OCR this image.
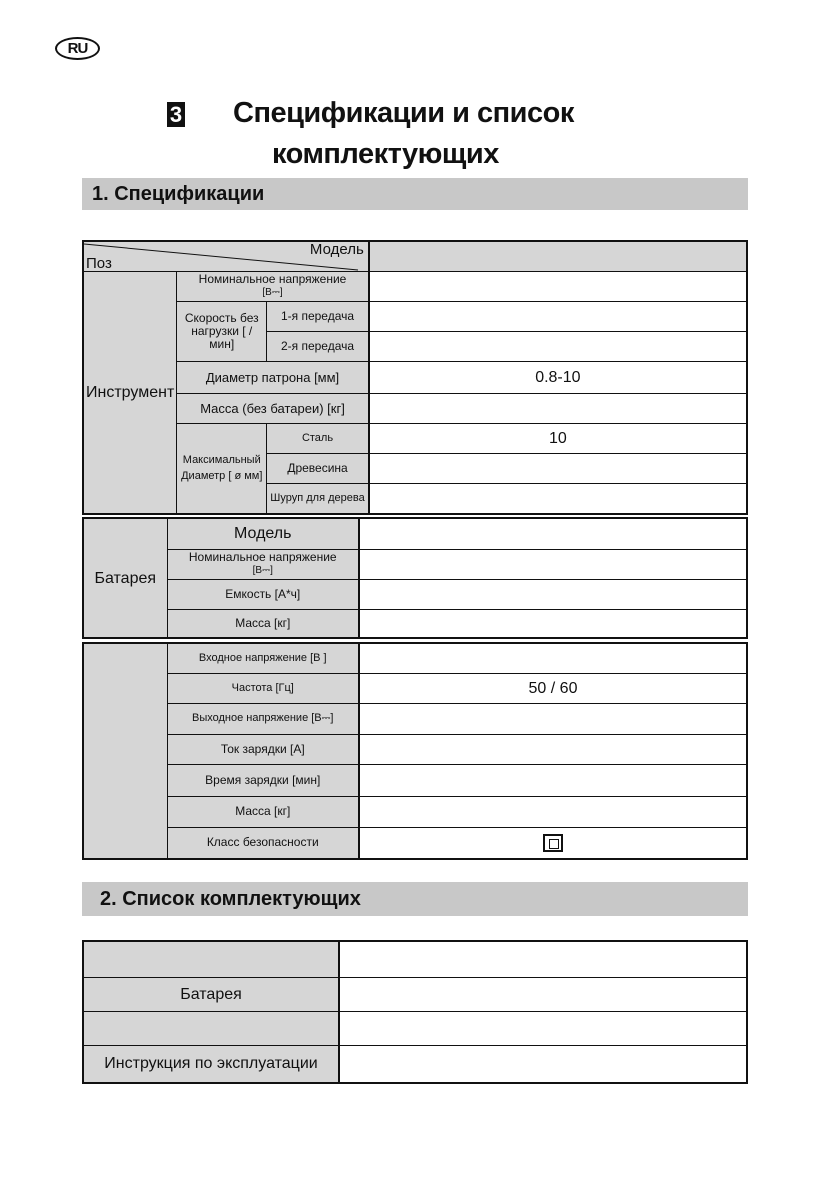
RU
3 Спецификации и список
комплектующих
1. Спецификации
Поз
Модель			

Инструмент	Номинальное напряжение
[В⎓]		

	Скорость без нагрузки [ / мин]	1-я передача	
		2-я передача	
	Диаметр патрона [мм]		0.8-10
	Масса (без батареи) [кг]		
	Максимальный Диаметр [ ø мм]	Сталь	10
		Древесина	
		Шуруп для дерева	
Батарея	Модель	
	Номинальное напряжение
[В⎓]	

	Емкость [А*ч]	
	Масса [кг]	
	Входное напряжение [В ]	
	Частота [Гц]	50 / 60
	Выходное напряжение [В⎓]	
	Ток зарядки [А]	
	Время зарядки [мин]	
	Масса [кг]	
	Класс безопасности	
2. Список комплектующих

Батарея	

Инструкция по эксплуатации	
